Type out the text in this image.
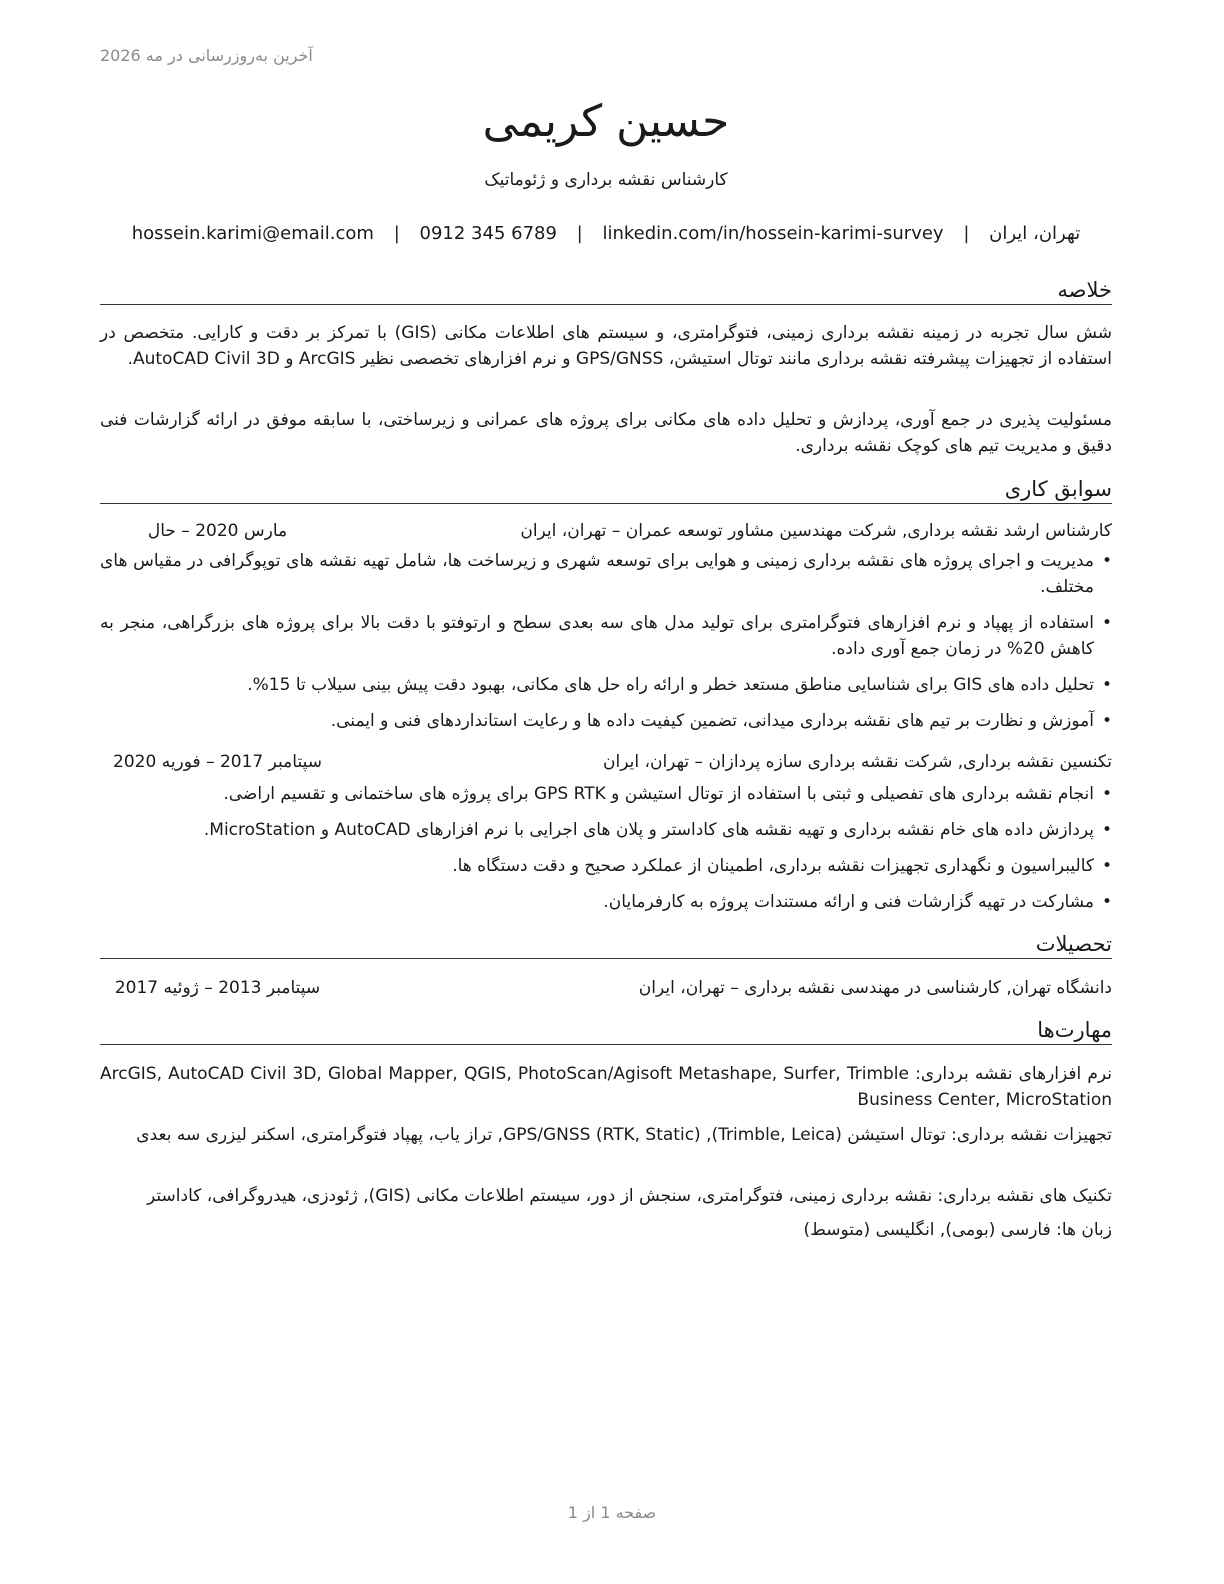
آخرین به‌روزرسانی در مه 2026
حسین کریمی
کارشناس نقشه برداری و ژئوماتیک
تهران، ایران | hossein.karimi@email.com | 0912 345 6789 | linkedin.com/in/hossein-karimi-survey
خلاصه

شش سال تجربه در زمینه نقشه برداری زمینی، فتوگرامتری، و سیستم های اطلاعات مکانی (GIS) با تمرکز بر دقت و کارایی. متخصص در استفاده از تجهیزات پیشرفته نقشه برداری مانند توتال استیشن، GPS/GNSS و نرم افزارهای تخصصی نظیر ArcGIS و AutoCAD Civil 3D.

مسئولیت پذیری در جمع آوری، پردازش و تحلیل داده های مکانی برای پروژه های عمرانی و زیرساختی، با سابقه موفق در ارائه گزارشات فنی دقیق و مدیریت تیم های کوچک نقشه برداری.

سوابق کاری
کارشناس ارشد نقشه برداری, شرکت مهندسین مشاور توسعه عمران – تهران، ایران
مارس 2020 – حال
• مدیریت و اجرای پروژه های نقشه برداری زمینی و هوایی برای توسعه شهری و زیرساخت ها، شامل تهیه نقشه های توپوگرافی در مقیاس های مختلف.
• استفاده از پهپاد و نرم افزارهای فتوگرامتری برای تولید مدل های سه بعدی سطح و ارتوفتو با دقت بالا برای پروژه های بزرگراهی، منجر به کاهش 20% در زمان جمع آوری داده.
• تحلیل داده های GIS برای شناسایی مناطق مستعد خطر و ارائه راه حل های مکانی، بهبود دقت پیش بینی سیلاب تا 15%.
• آموزش و نظارت بر تیم های نقشه برداری میدانی، تضمین کیفیت داده ها و رعایت استانداردهای فنی و ایمنی.
تکنسین نقشه برداری, شرکت نقشه برداری سازه پردازان – تهران، ایران
سپتامبر 2017 – فوریه 2020
• انجام نقشه برداری های تفصیلی و ثبتی با استفاده از توتال استیشن و GPS RTK برای پروژه های ساختمانی و تقسیم اراضی.
• پردازش داده های خام نقشه برداری و تهیه نقشه های کاداستر و پلان های اجرایی با نرم افزارهای AutoCAD و MicroStation.
• کالیبراسیون و نگهداری تجهیزات نقشه برداری، اطمینان از عملکرد صحیح و دقت دستگاه ها.
• مشارکت در تهیه گزارشات فنی و ارائه مستندات پروژه به کارفرمایان.
تحصیلات
دانشگاه تهران, کارشناسی در مهندسی نقشه برداری – تهران، ایران
سپتامبر 2013 – ژوئیه 2017
مهارت‌ها

نرم افزارهای نقشه برداری: ArcGIS, AutoCAD Civil 3D, Global Mapper, QGIS, PhotoScan/Agisoft Metashape, Surfer, Trimble Business Center, MicroStation

تجهیزات نقشه برداری: توتال استیشن (Trimble, Leica), GPS/GNSS (RTK, Static), تراز یاب، پهپاد فتوگرامتری، اسکنر لیزری سه بعدی

تکنیک های نقشه برداری: نقشه برداری زمینی، فتوگرامتری، سنجش از دور، سیستم اطلاعات مکانی (GIS), ژئودزی، هیدروگرافی، کاداستر

زبان ها: فارسی (بومی), انگلیسی (متوسط)

صفحه 1 از 1
